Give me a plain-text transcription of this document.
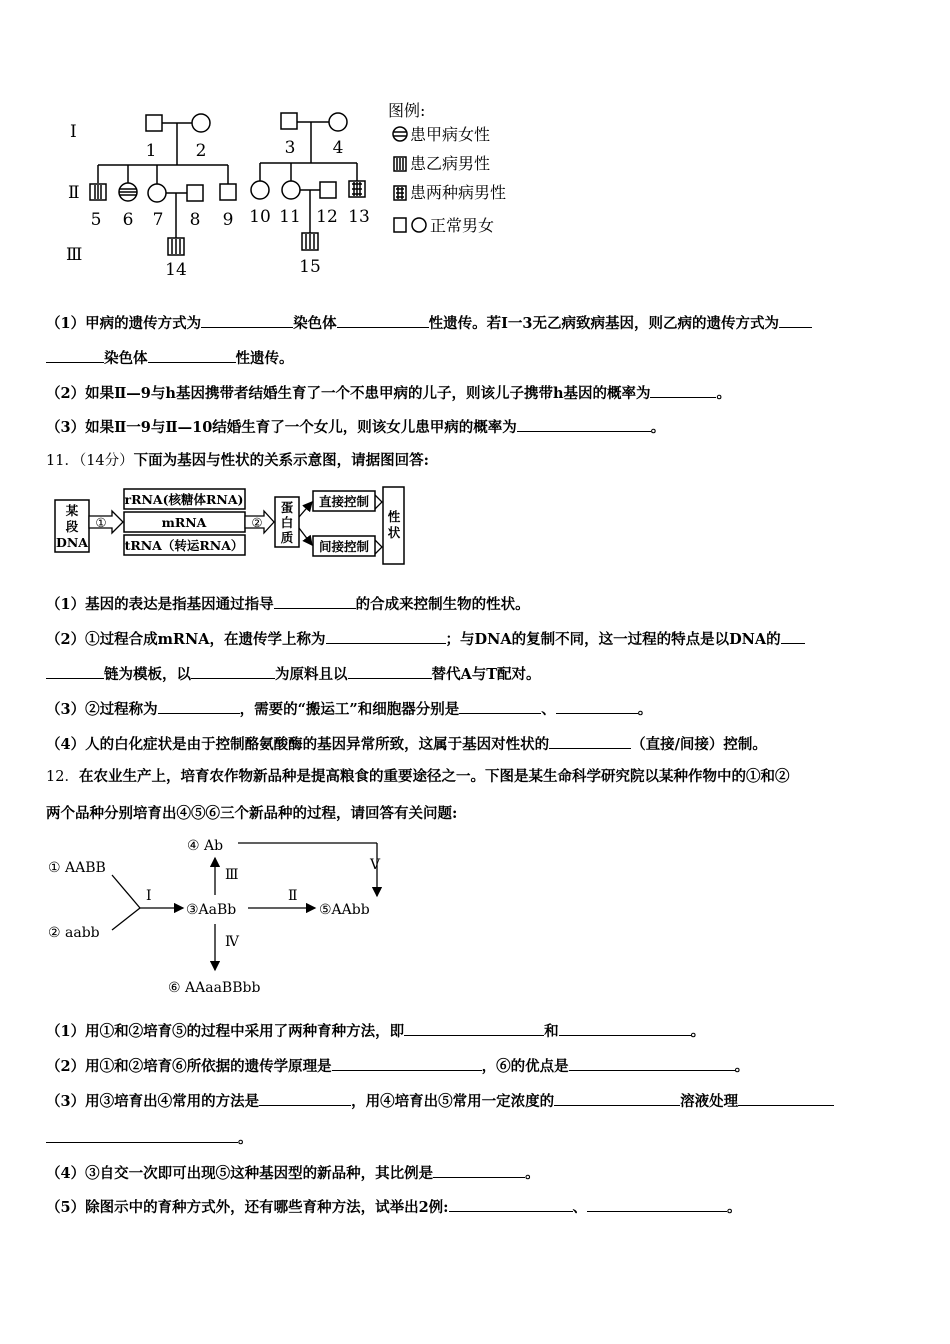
Ⅰ
Ⅱ
Ⅲ
1 2	3 4
5 6 7 8 9 10 11 12 13
14	15
图例:
患甲病女性
患乙病男性
患两种病男性
正常男女
（1）甲病的遗传方式为	染色体	性遗传。若Ⅰ一3无乙病致病基因，则乙病的遗传方式为
染色体	性遗传。
（2）如果Ⅱ—9与h基因携带者结婚生育了一个不患甲病的儿子，则该儿子携带h基因的概率为	。
（3）如果Ⅱ一9与Ⅱ—10结婚生育了一个女儿，则该女儿患甲病的概率为	。
11．（14分）下面为基因与性状的关系示意图，请据图回答:
某
段
DNA
①
rRNA(核糖体RNA)
mRNA
tRNA（转运RNA）
②
蛋
白
质
直接控制
间接控制
性
状
（1）基因的表达是指基因通过指导	的合成来控制生物的性状。
（2）①过程合成mRNA，在遗传学上称为	；与DNA的复制不同，这一过程的特点是以DNA的
链为模板，以	为原料且以	替代A与T配对。
（3）②过程称为	，需要的“搬运工”和细胞器分别是	、	。
（4）人的白化症状是由于控制酪氨酸酶的基因异常所致，这属于基因对性状的	（直接/间接）控制。
12．在农业生产上，培育农作物新品种是提高粮食的重要途径之一。下图是某生命科学研究院以某种作物中的①和②
两个品种分别培育出④⑤⑥三个新品种的过程，请回答有关问题:
① AABB
② aabb
③AaBb
④ Ab
⑤AAbb
⑥ AAaaBBbb
Ⅰ	Ⅱ
Ⅲ
Ⅳ
Ⅴ
（1）用①和②培育⑤的过程中采用了两种育种方法，即	和	。
（2）用①和②培育⑥所依据的遗传学原理是	，⑥的优点是	。
（3）用③培育出④常用的方法是	，用④培育出⑤常用一定浓度的	溶液处理
。
（4）③自交一次即可出现⑤这种基因型的新品种，其比例是	。
（5）除图示中的育种方式外，还有哪些育种方法，试举出2例:	、	。
